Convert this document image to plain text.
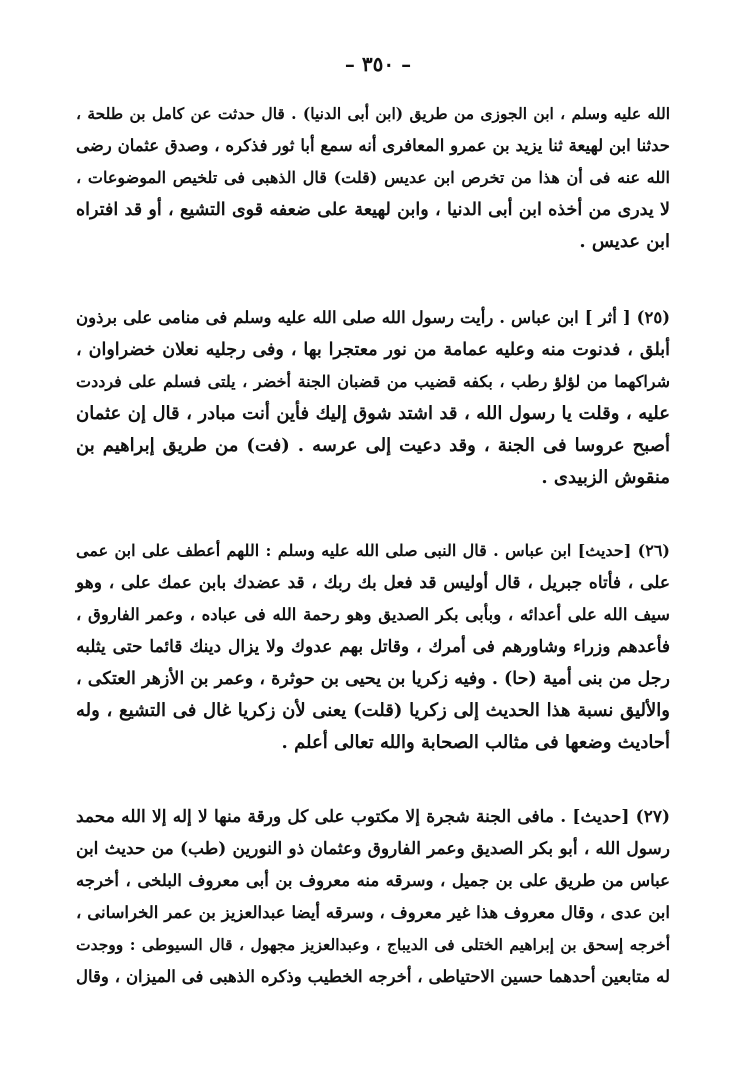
– ٣٥٠ –
الله عليه وسلم ، ابن الجوزى من طريق (ابن أبى الدنيا) . قال حدثت عن كامل بن طلحة ،
حدثنا ابن لهيعة ثنا يزيد بن عمرو المعافرى أنه سمع أبا ثور فذكره ، وصدق عثمان رضى
الله عنه فى أن هذا من تخرص ابن عديس (قلت) قال الذهبى فى تلخيص الموضوعات ،
لا يدرى من أخذه ابن أبى الدنيا ، وابن لهيعة على ضعفه قوى التشيع ، أو قد افتراه
ابن عديس .
(٢٥) [ أثر ] ابن عباس . رأيت رسول الله صلى الله عليه وسلم فى منامى على برذون
أبلق ، فدنوت منه وعليه عمامة من نور معتجرا بها ، وفى رجليه نعلان خضراوان ،
شراكهما من لؤلؤ رطب ، بكفه قضيب من قضبان الجنة أخضر ، يلتى فسلم على فرددت
عليه ، وقلت يا رسول الله ، قد اشتد شوق إليك فأين أنت مبادر ، قال إن عثمان
أصبح عروسا فى الجنة ، وقد دعيت إلى عرسه . (فت) من طريق إبراهيم بن
منقوش الزبيدى .
(٢٦) [حديث] ابن عباس . قال النبى صلى الله عليه وسلم : اللهم أعطف على ابن عمى
على ، فأتاه جبريل ، قال أوليس قد فعل بك ربك ، قد عضدك بابن عمك على ، وهو
سيف الله على أعدائه ، وبأبى بكر الصديق وهو رحمة الله فى عباده ، وعمر الفاروق ،
فأعدهم وزراء وشاورهم فى أمرك ، وقاتل بهم عدوك ولا يزال دينك قائما حتى يثلبه
رجل من بنى أمية (حا) . وفيه زكريا بن يحيى بن حوثرة ، وعمر بن الأزهر العتكى ،
والأليق نسبة هذا الحديث إلى زكريا (قلت) يعنى لأن زكريا غال فى التشيع ، وله
أحاديث وضعها فى مثالب الصحابة والله تعالى أعلم .
(٢٧) [حديث] . مافى الجنة شجرة إلا مكتوب على كل ورقة منها لا إله إلا الله محمد
رسول الله ، أبو بكر الصديق وعمر الفاروق وعثمان ذو النورين (طب) من حديث ابن
عباس من طريق على بن جميل ، وسرقه منه معروف بن أبى معروف البلخى ، أخرجه
ابن عدى ، وقال معروف هذا غير معروف ، وسرقه أيضا عبدالعزيز بن عمر الخراسانى ،
أخرجه إسحق بن إبراهيم الختلى فى الديباج ، وعبدالعزيز مجهول ، قال السيوطى : ووجدت
له متابعين أحدهما حسين الاحتياطى ، أخرجه الخطيب وذكره الذهبى فى الميزان ، وقال
